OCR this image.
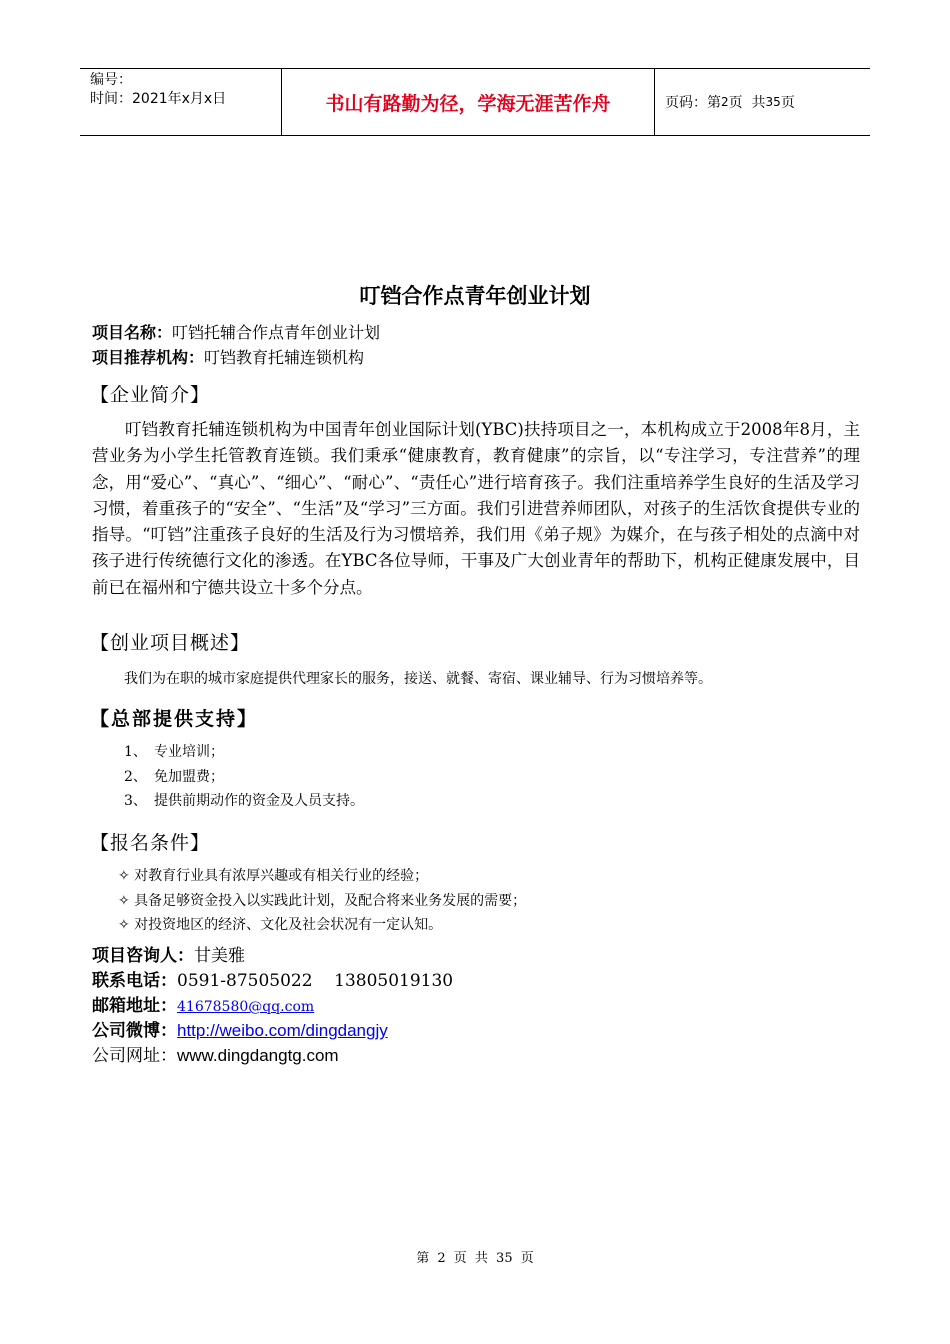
编号：
时间：2021年x月x日	书山有路勤为径，学海无涯苦作舟	页码：第 2 页  共 35 页
叮铛合作点青年创业计划
项目名称：叮铛托辅合作点青年创业计划
项目推荐机构：叮铛教育托辅连锁机构
【企业简介】
叮铛教育托辅连锁机构为中国青年创业国际计划(YBC)扶持项目之一，本机构成立于2008年8月，主营业务为小学生托管教育连锁。我们秉承“健康教育，教育健康”的宗旨，以“专注学习，专注营养”的理念，用“爱心”、“真心”、“细心”、“耐心”、“责任心”进行培育孩子。我们注重培养学生良好的生活及学习习惯，着重孩子的“安全”、“生活”及“学习”三方面。我们引进营养师团队，对孩子的生活饮食提供专业的指导。“叮铛”注重孩子良好的生活及行为习惯培养，我们用《弟子规》为媒介，在与孩子相处的点滴中对孩子进行传统德行文化的渗透。在YBC各位导师，干事及广大创业青年的帮助下，机构正健康发展中，目前已在福州和宁德共设立十多个分点。
【创业项目概述】
我们为在职的城市家庭提供代理家长的服务，接送、就餐、寄宿、课业辅导、行为习惯培养等。
【总部提供支持】
1、 专业培训；
2、 免加盟费；
3、 提供前期动作的资金及人员支持。
【报名条件】
✧ 对教育行业具有浓厚兴趣或有相关行业的经验；
✧ 具备足够资金投入以实践此计划，及配合将来业务发展的需要；
✧ 对投资地区的经济、文化及社会状况有一定认知。
项目咨询人：甘美雅
联系电话：0591-87505022    13805019130
邮箱地址：41678580@qq.com
公司微博：http://weibo.com/dingdangjy
公司网址：www.dingdangtg.com
第 2 页 共 35 页
